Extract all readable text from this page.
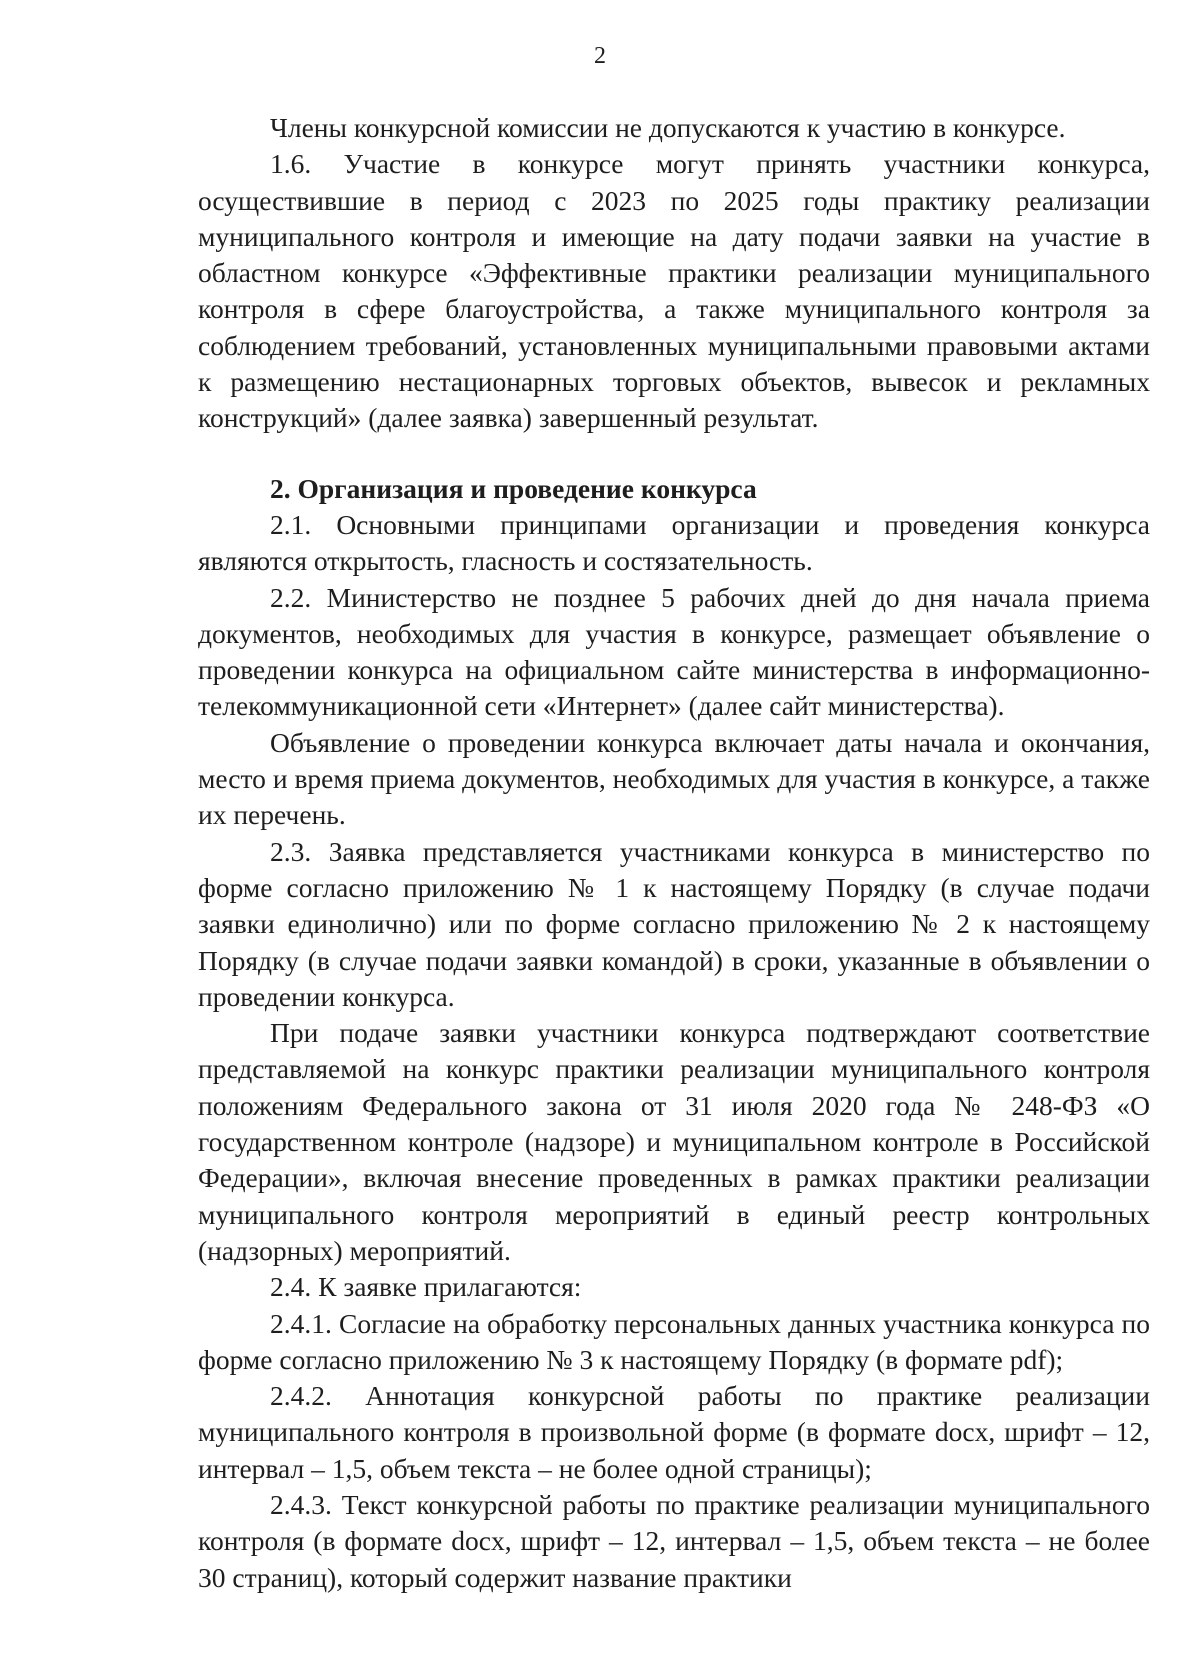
2

Члены конкурсной комиссии не допускаются к участию в конкурсе.

1.6. Участие в конкурсе могут принять участники конкурса, осуществившие в период с 2023 по 2025 годы практику реализации муниципального контроля и имеющие на дату подачи заявки на участие в областном конкурсе «Эффективные практики реализации муниципального контроля в сфере благоустройства, а также муниципального контроля за соблюдением требований, установленных муниципальными правовыми актами к размещению нестационарных торговых объектов, вывесок и рекламных конструкций» (далее заявка) завершенный результат.

2. Организация и проведение конкурса

2.1. Основными принципами организации и проведения конкурса являются открытость, гласность и состязательность.

2.2. Министерство не позднее 5 рабочих дней до дня начала приема документов, необходимых для участия в конкурсе, размещает объявление о проведении конкурса на официальном сайте министерства в информационно-телекоммуникационной сети «Интернет» (далее сайт министерства).

Объявление о проведении конкурса включает даты начала и окончания, место и время приема документов, необходимых для участия в конкурсе, а также их перечень.

2.3. Заявка представляется участниками конкурса в министерство по форме согласно приложению № 1 к настоящему Порядку (в случае подачи заявки единолично) или по форме согласно приложению № 2 к настоящему Порядку (в случае подачи заявки командой) в сроки, указанные в объявлении о проведении конкурса.

При подаче заявки участники конкурса подтверждают соответствие представляемой на конкурс практики реализации муниципального контроля положениям Федерального закона от 31 июля 2020 года № 248-ФЗ «О государственном контроле (надзоре) и муниципальном контроле в Российской Федерации», включая внесение проведенных в рамках практики реализации муниципального контроля мероприятий в единый реестр контрольных (надзорных) мероприятий.

2.4. К заявке прилагаются:

2.4.1. Согласие на обработку персональных данных участника конкурса по форме согласно приложению № 3 к настоящему Порядку (в формате pdf);

2.4.2. Аннотация конкурсной работы по практике реализации муниципального контроля в произвольной форме (в формате docx, шрифт – 12, интервал – 1,5, объем текста – не более одной страницы);

2.4.3. Текст конкурсной работы по практике реализации муниципального контроля (в формате docx, шрифт – 12, интервал – 1,5, объем текста – не более 30 страниц), который содержит название практики
